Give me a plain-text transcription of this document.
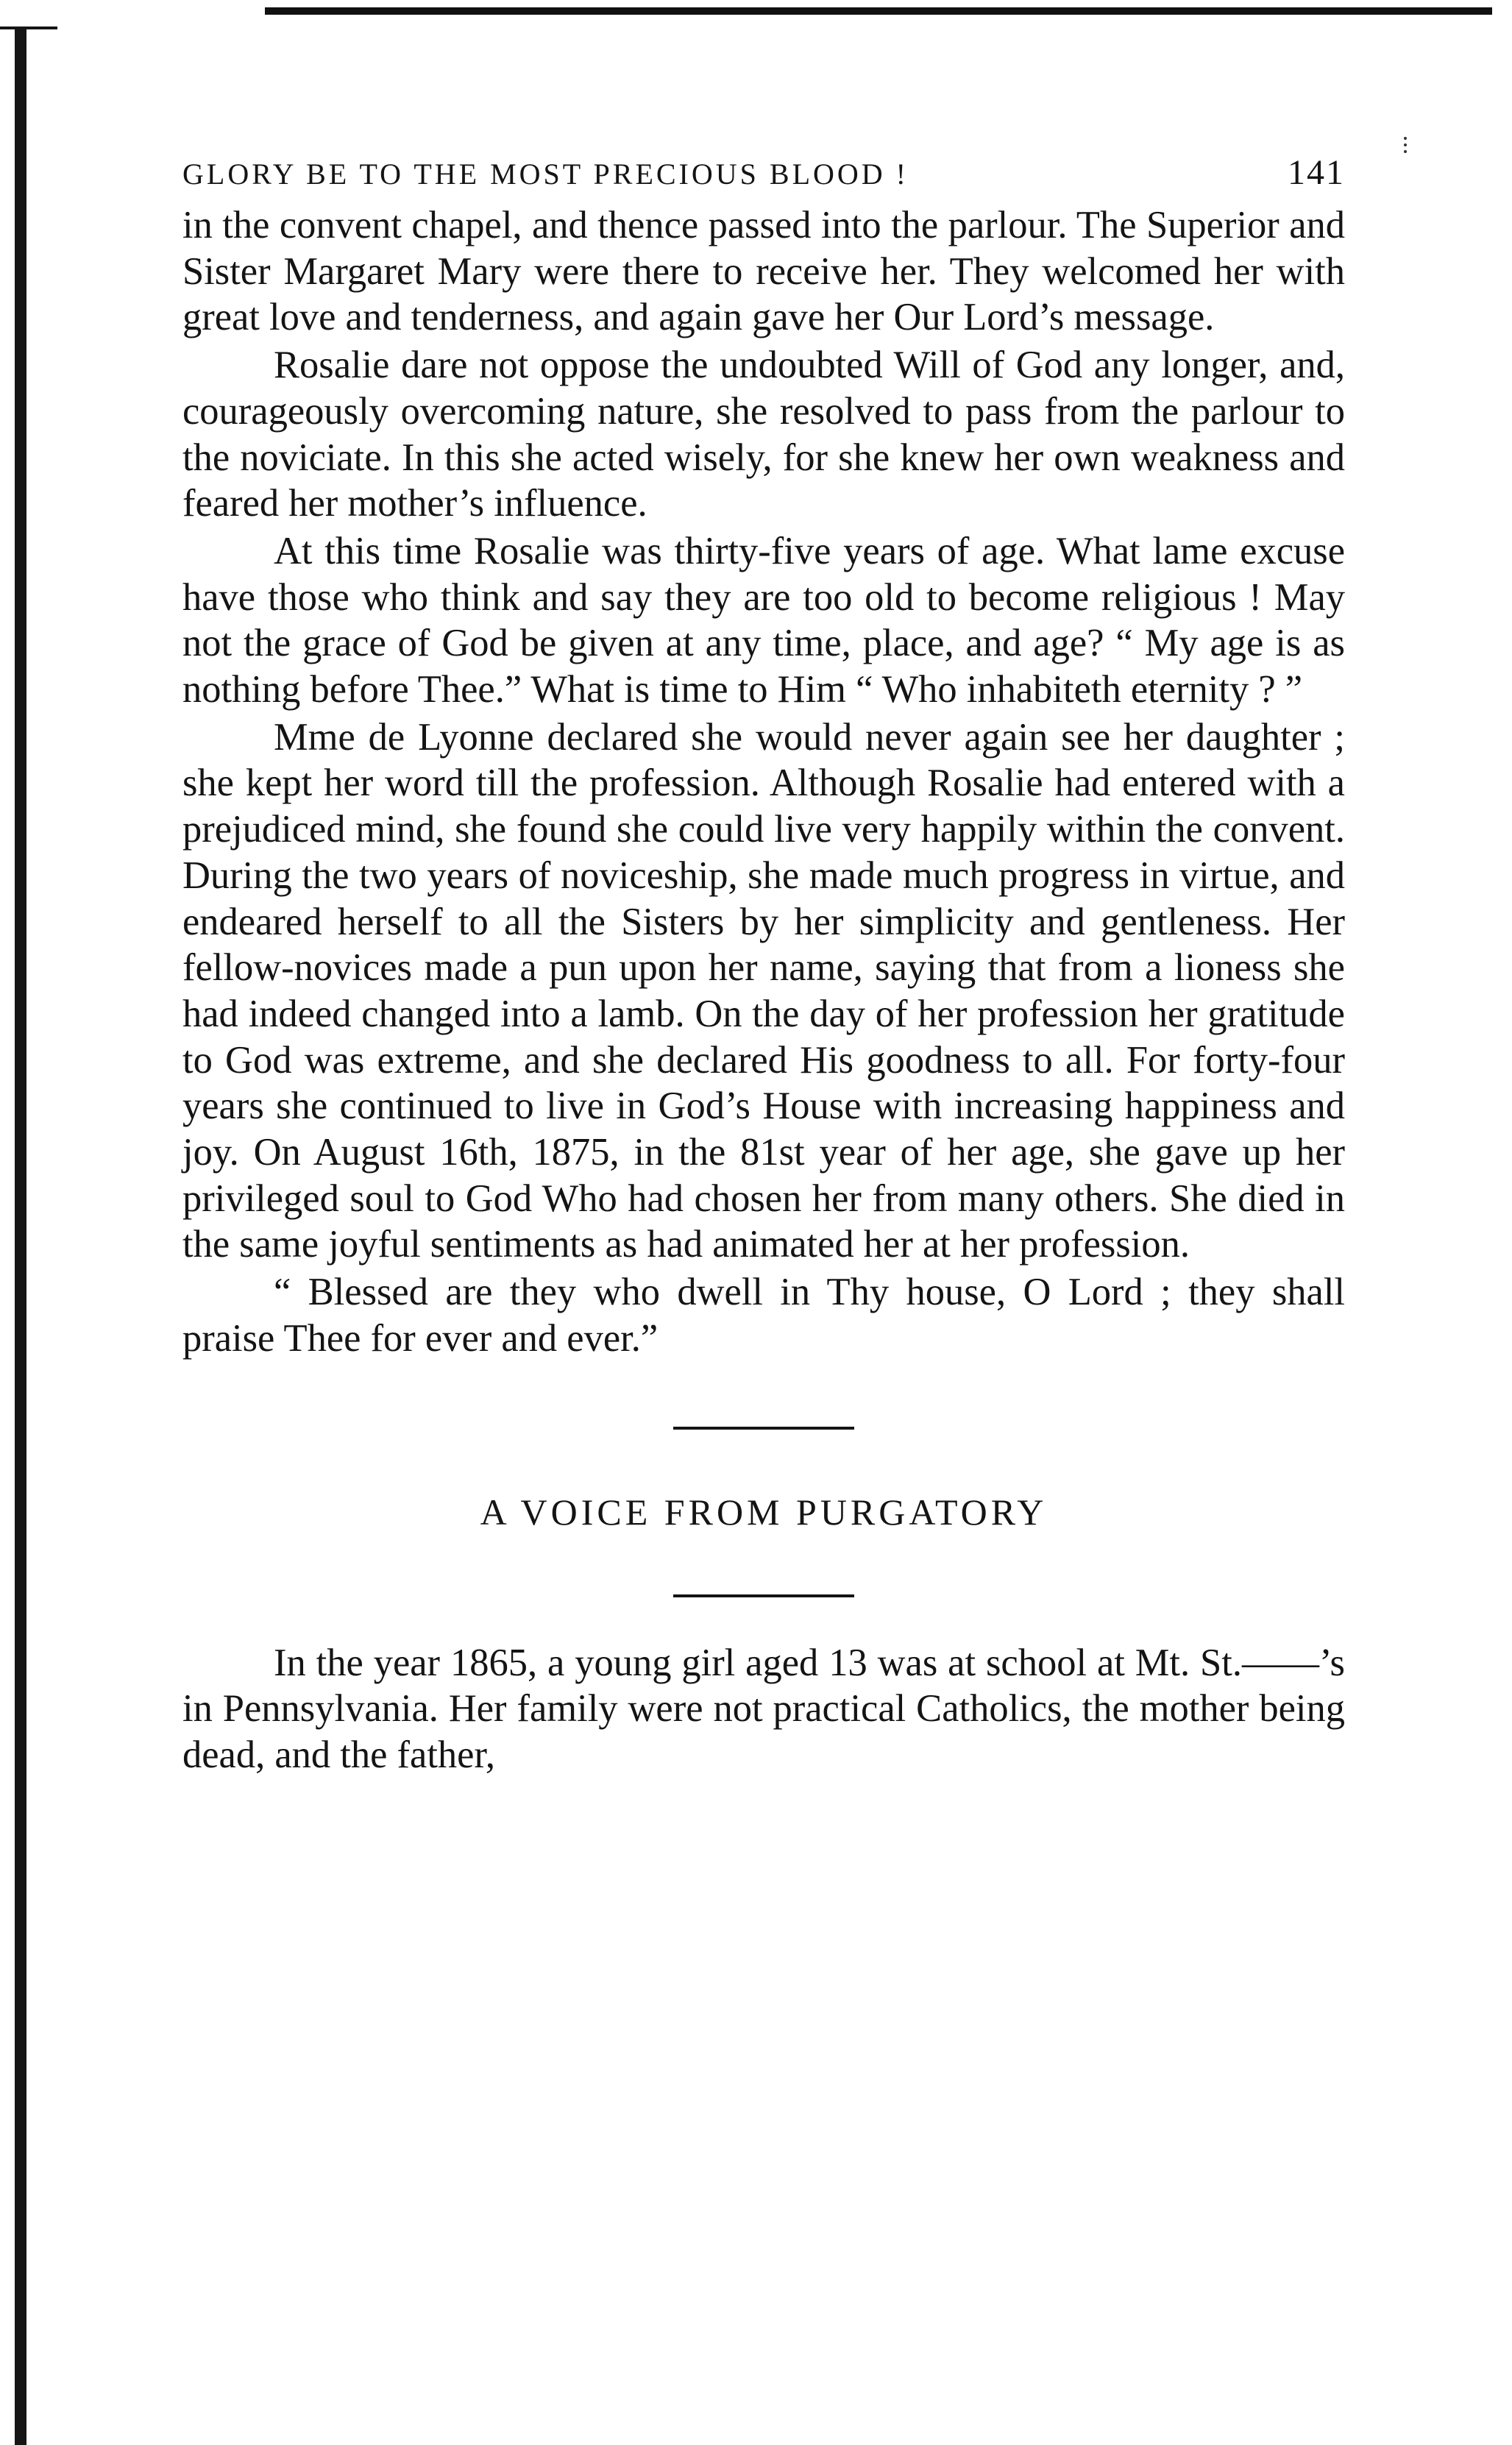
GLORY BE TO THE MOST PRECIOUS BLOOD !	141

in the convent chapel, and thence passed into the parlour. The Superior and Sister Margaret Mary were there to receive her. They welcomed her with great love and tenderness, and again gave her Our Lord’s message.

Rosalie dare not oppose the undoubted Will of God any longer, and, courageously overcoming nature, she resolved to pass from the parlour to the noviciate. In this she acted wisely, for she knew her own weakness and feared her mother’s influence.

At this time Rosalie was thirty-five years of age. What lame excuse have those who think and say they are too old to become religious ! May not the grace of God be given at any time, place, and age? “ My age is as nothing before Thee.” What is time to Him “ Who inhabiteth eternity ? ”

Mme de Lyonne declared she would never again see her daughter ; she kept her word till the profession. Although Rosalie had entered with a prejudiced mind, she found she could live very happily within the convent. During the two years of noviceship, she made much progress in virtue, and endeared herself to all the Sisters by her simplicity and gentleness. Her fellow-novices made a pun upon her name, saying that from a lioness she had indeed changed into a lamb. On the day of her profession her gratitude to God was extreme, and she declared His goodness to all. For forty-four years she continued to live in God’s House with increasing happiness and joy. On August 16th, 1875, in the 81st year of her age, she gave up her privileged soul to God Who had chosen her from many others. She died in the same joyful sentiments as had animated her at her profession.

“ Blessed are they who dwell in Thy house, O Lord ; they shall praise Thee for ever and ever.”

A VOICE FROM PURGATORY

In the year 1865, a young girl aged 13 was at school at Mt. St.——’s in Pennsylvania. Her family were not practical Catholics, the mother being dead, and the father,
